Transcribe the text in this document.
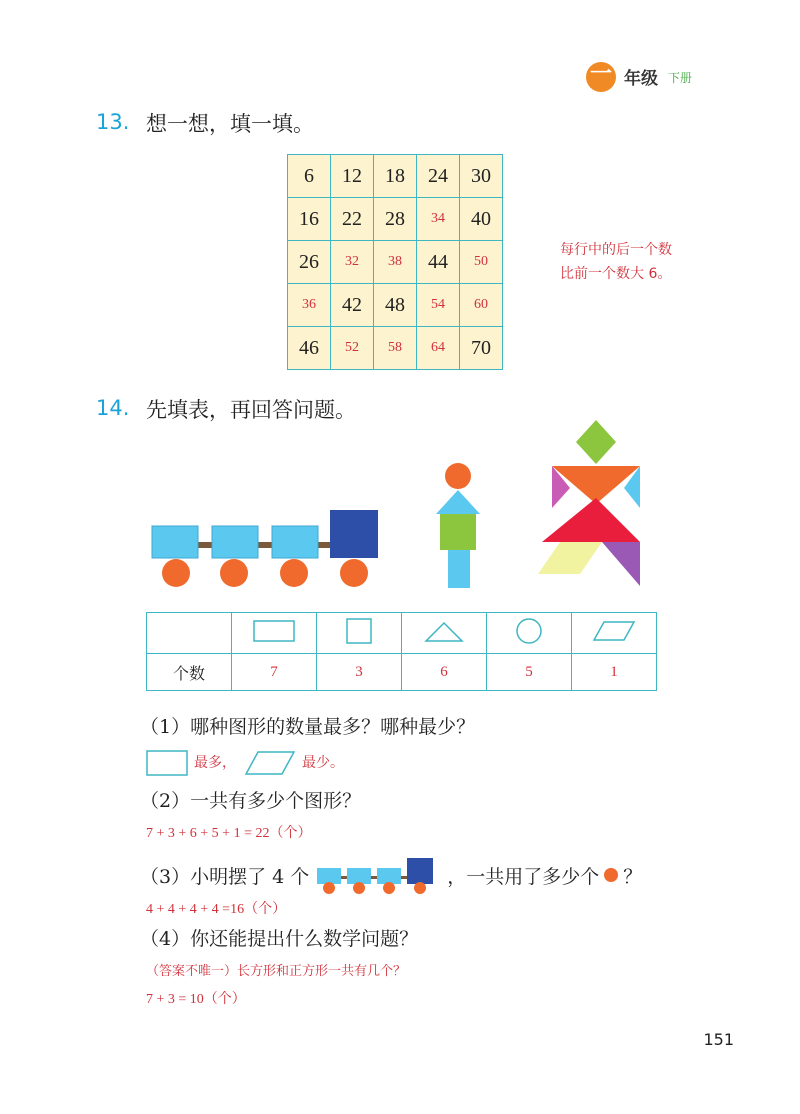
一 年级 下册
13. 想一想，填一填。
6	12	18	24	30
16	22	28	34	40
26	32	38	44	50
36	42	48	54	60
46	52	58	64	70
每行中的后一个数
比前一个数大 6。
14. 先填表，再回答问题。

个数	7	3	6	5	1
（1）哪种图形的数量最多？哪种最少？
最多，	最少。
（2）一共有多少个图形？
7 + 3 + 6 + 5 + 1 = 22（个）
（3）小明摆了 4 个	，一共用了多少个 ？
4 + 4 + 4 + 4 =16（个）
（4）你还能提出什么数学问题？
（答案不唯一）长方形和正方形一共有几个？
7 + 3 = 10（个）
151
